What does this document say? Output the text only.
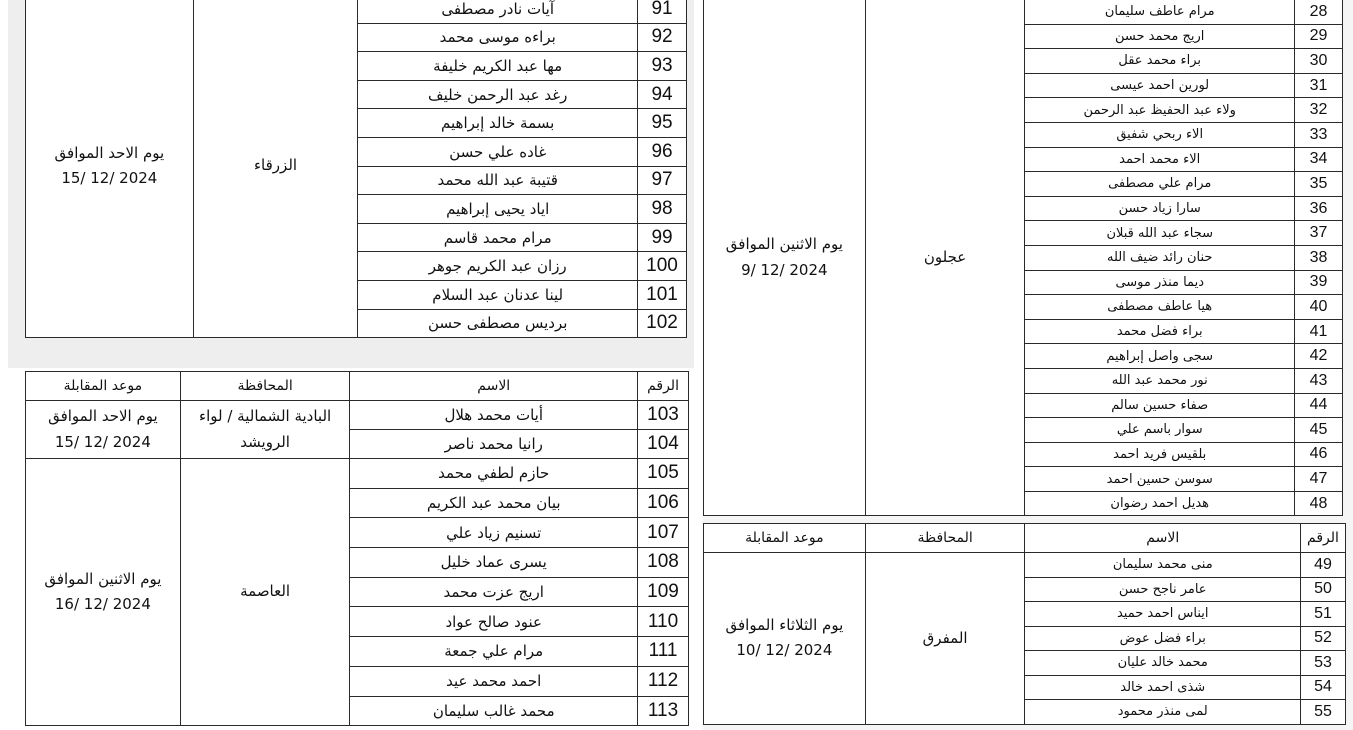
يوم الاحد الموافق
15/ 12/ 2024	الزرقاء	آيات نادر مصطفى	91
		براءه موسى محمد	92
		مها عبد الكريم خليفة	93
		رغد عبد الرحمن خليف	94
		بسمة خالد إبراهيم	95
		غاده علي حسن	96
		قتيبة عبد الله محمد	97
		اياد يحيى إبراهيم	98
		مرام محمد قاسم	99
		رزان عبد الكريم جوهر	100
		لينا عدنان عبد السلام	101
		برديس مصطفى حسن	102
موعد المقابلة	المحافظة	الاسم	الرقم

يوم الاحد الموافق
15/ 12/ 2024	البادية الشمالية / لواء الرويشد	أيات محمد هلال	103
		رانيا محمد ناصر	104

يوم الاثنين الموافق
16/ 12/ 2024	العاصمة	حازم لطفي محمد	105
		بيان محمد عبد الكريم	106
		تسنيم زياد علي	107
		يسرى عماد خليل	108
		اريج عزت محمد	109
		عنود صالح عواد	110
		مرام علي جمعة	111
		احمد محمد عيد	112
		محمد غالب سليمان	113
يوم الاثنين الموافق
9/ 12/ 2024	عجلون	مرام عاطف سليمان	28
		اريج محمد حسن	29
		براء محمد عقل	30
		لورين احمد عيسى	31
		ولاء عبد الحفيظ عبد الرحمن	32
		الاء ربحي شفيق	33
		الاء محمد احمد	34
		مرام علي مصطفى	35
		سارا زياد حسن	36
		سجاء عبد الله قبلان	37
		حنان رائد ضيف الله	38
		ديما منذر موسى	39
		هيا عاطف مصطفى	40
		براء فضل محمد	41
		سجى واصل إبراهيم	42
		نور محمد عبد الله	43
		صفاء حسين سالم	44
		سوار باسم علي	45
		بلقيس فريد احمد	46
		سوسن حسين احمد	47
		هديل احمد رضوان	48
موعد المقابلة	المحافظة	الاسم	الرقم

يوم الثلاثاء الموافق
10/ 12/ 2024	المفرق	منى محمد سليمان	49
		عامر ناجح حسن	50
		ايناس احمد حميد	51
		براء فضل عوض	52
		محمد خالد عليان	53
		شذى احمد خالد	54
		لمى منذر محمود	55
